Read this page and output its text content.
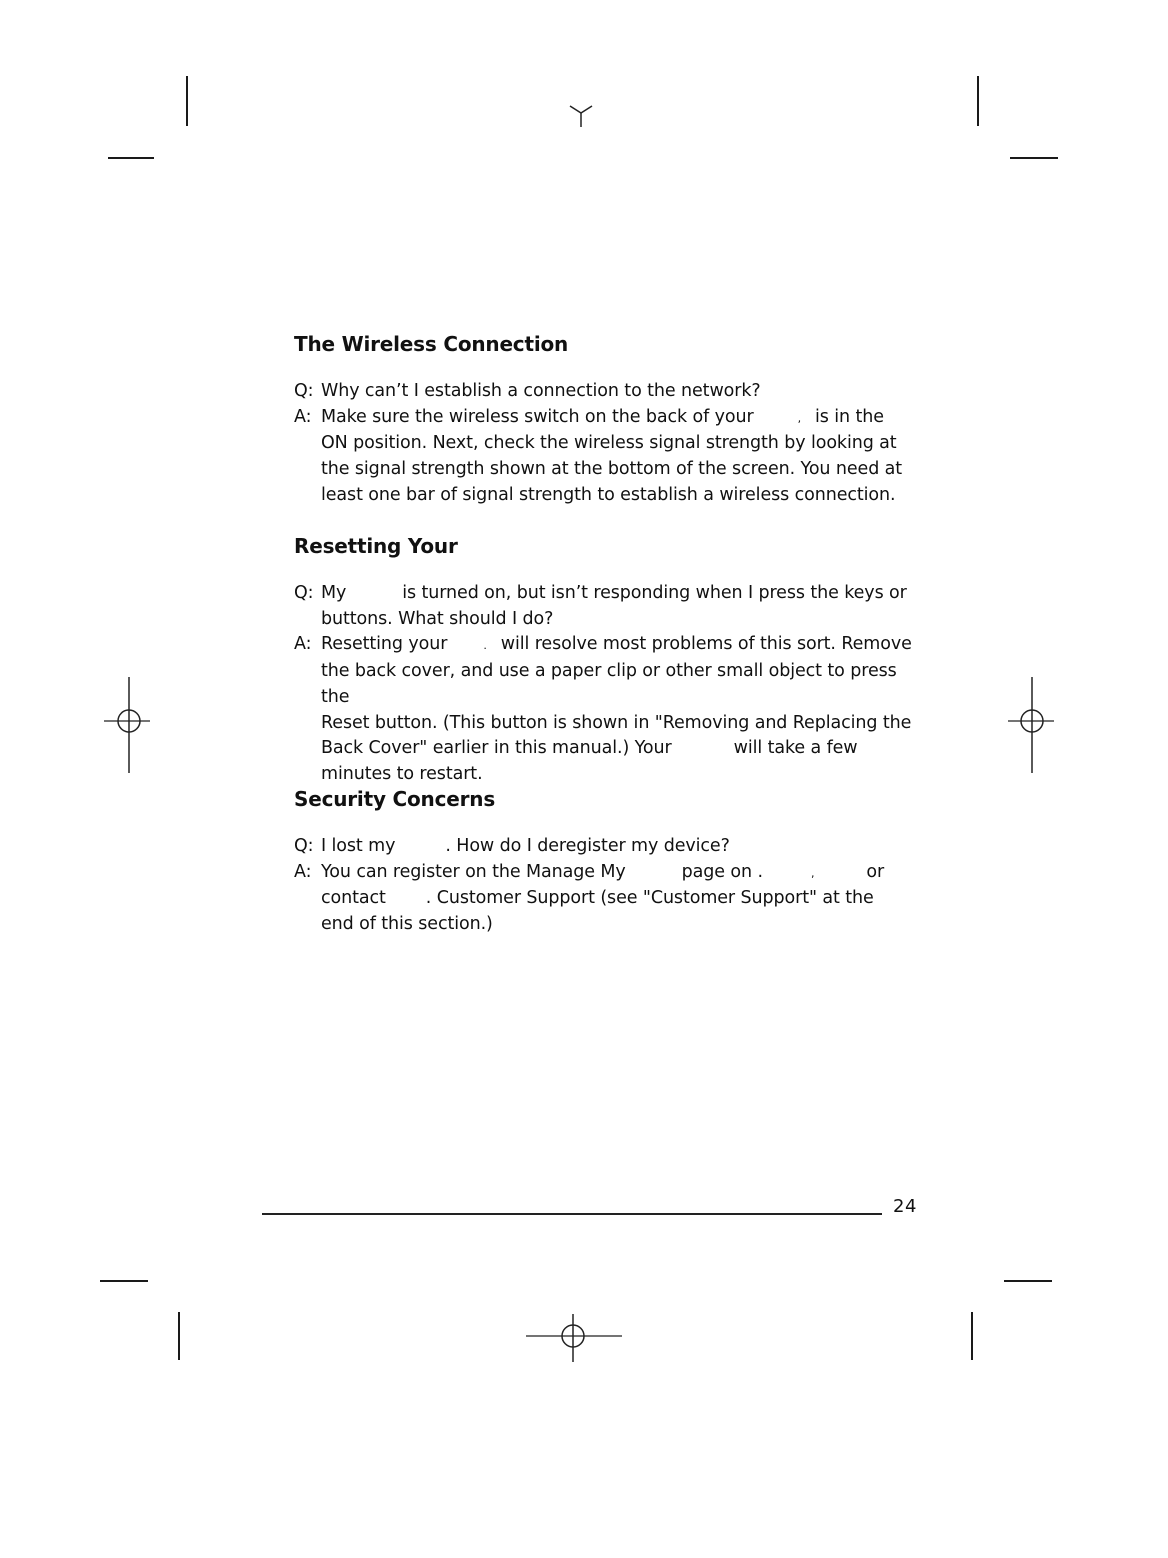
The Wireless Connection

Q: Why can’t I establish a connection to the network?

A: Make sure the wireless switch on the back of your	, is in the
ON position. Next, check the wireless signal strength by looking at
the signal strength shown at the bottom of the screen. You need at
least one bar of signal strength to establish a wireless connection.

Resetting Your

Q: My	is turned on, but isn’t responding when I press the keys or
buttons. What should I do?

A: Resetting your	. will resolve most problems of this sort. Remove
the back cover, and use a paper clip or other small object to press the
Reset button. (This button is shown in "Removing and Replacing the
Back Cover" earlier in this manual.) Your	will take a few
minutes to restart.

Security Concerns

Q: I lost my	. How do I deregister my device?

A: You can register on the Manage My	page on .	,	or
contact . Customer Support (see "Customer Support" at the
end of this section.)

24
